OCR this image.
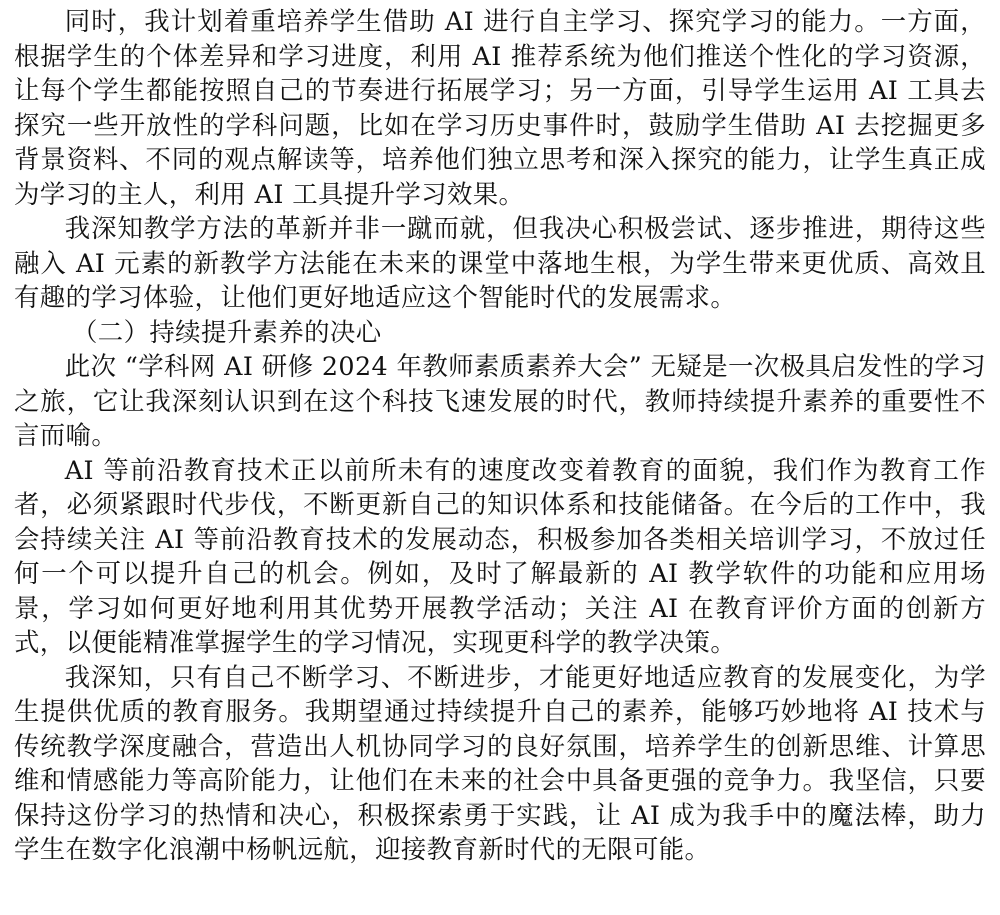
同时，我计划着重培养学生借助 AI 进行自主学习、探究学习的能力。一方面，根据学生的个体差异和学习进度，利用 AI 推荐系统为他们推送个性化的学习资源，让每个学生都能按照自己的节奏进行拓展学习；另一方面，引导学生运用 AI 工具去探究一些开放性的学科问题，比如在学习历史事件时，鼓励学生借助 AI 去挖掘更多背景资料、不同的观点解读等，培养他们独立思考和深入探究的能力，让学生真正成为学习的主人，利用 AI 工具提升学习效果。

我深知教学方法的革新并非一蹴而就，但我决心积极尝试、逐步推进，期待这些融入 AI 元素的新教学方法能在未来的课堂中落地生根，为学生带来更优质、高效且有趣的学习体验，让他们更好地适应这个智能时代的发展需求。

（二）持续提升素养的决心

此次 “学科网 AI 研修 2024 年教师素质素养大会” 无疑是一次极具启发性的学习之旅，它让我深刻认识到在这个科技飞速发展的时代，教师持续提升素养的重要性不言而喻。

AI 等前沿教育技术正以前所未有的速度改变着教育的面貌，我们作为教育工作者，必须紧跟时代步伐，不断更新自己的知识体系和技能储备。在今后的工作中，我会持续关注 AI 等前沿教育技术的发展动态，积极参加各类相关培训学习，不放过任何一个可以提升自己的机会。例如，及时了解最新的 AI 教学软件的功能和应用场景，学习如何更好地利用其优势开展教学活动；关注 AI 在教育评价方面的创新方式，以便能精准掌握学生的学习情况，实现更科学的教学决策。

我深知，只有自己不断学习、不断进步，才能更好地适应教育的发展变化，为学生提供优质的教育服务。我期望通过持续提升自己的素养，能够巧妙地将 AI 技术与传统教学深度融合，营造出人机协同学习的良好氛围，培养学生的创新思维、计算思维和情感能力等高阶能力，让他们在未来的社会中具备更强的竞争力。我坚信，只要保持这份学习的热情和决心，积极探索勇于实践，让 AI 成为我手中的魔法棒，助力学生在数字化浪潮中杨帆远航，迎接教育新时代的无限可能。
